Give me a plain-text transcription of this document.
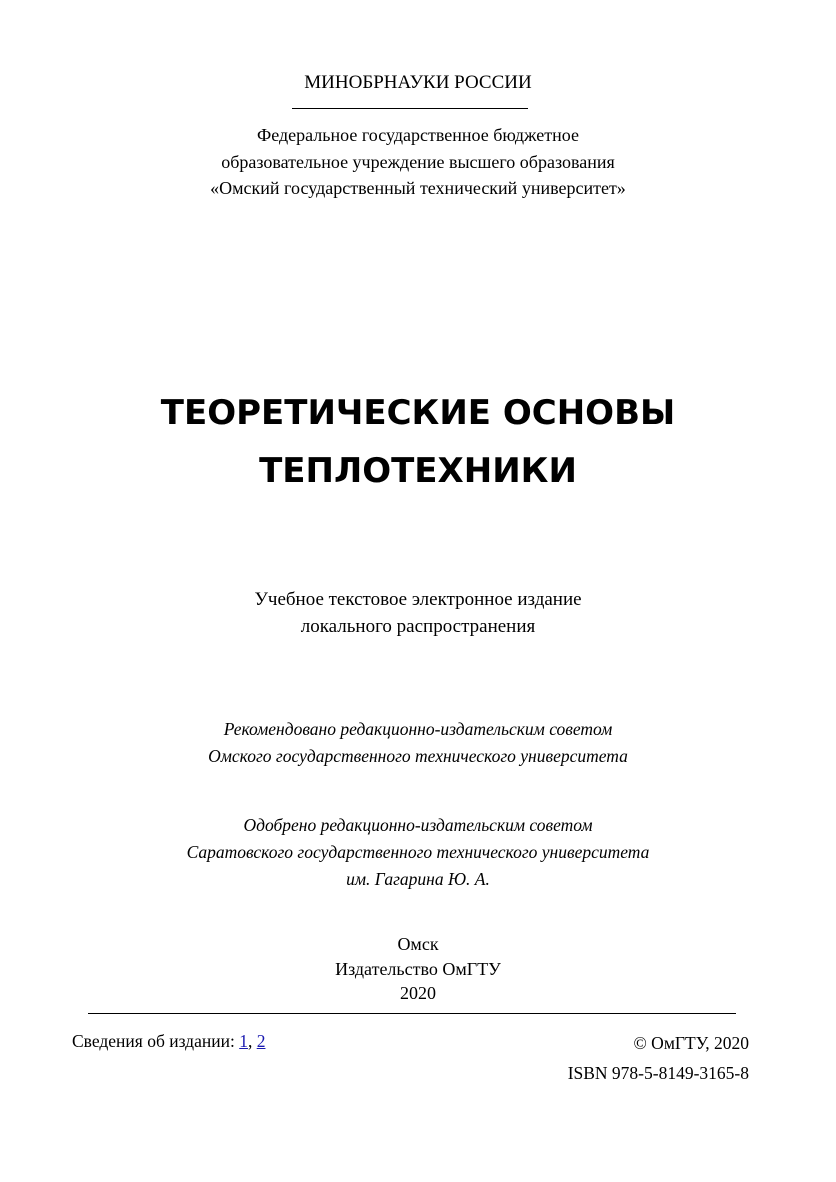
МИНОБРНАУКИ РОССИИ
Федеральное государственное бюджетное
образовательное учреждение высшего образования
«Омский государственный технический университет»
ТЕОРЕТИЧЕСКИЕ ОСНОВЫ
ТЕПЛОТЕХНИКИ
Учебное текстовое электронное издание
локального распространения
Рекомендовано редакционно-издательским советом
Омского государственного технического университета
Одобрено редакционно-издательским советом
Саратовского государственного технического университета
им. Гагарина Ю. А.
Омск
Издательство ОмГТУ
2020
Сведения об издании: 1, 2	© ОмГТУ, 2020
ISBN 978-5-8149-3165-8
